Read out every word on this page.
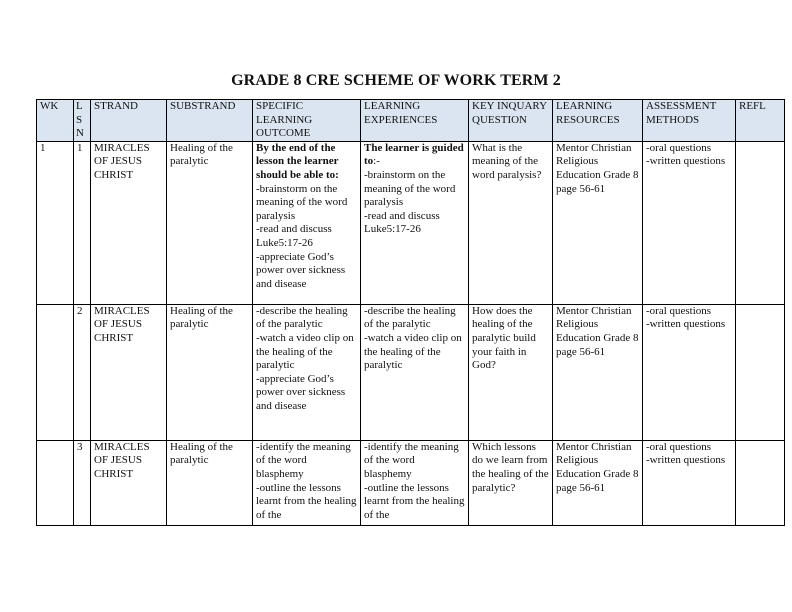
GRADE 8 CRE SCHEME OF WORK TERM 2
WK	LSN	STRAND	SUBSTRAND	SPECIFIC LEARNING OUTCOME	LEARNING EXPERIENCES	KEY INQUARY QUESTION	LEARNING RESOURCES	ASSESSMENT METHODS	REFL
1	1	MIRACLES OF JESUS CHRIST	Healing of the paralytic	By the end of the lesson the learner should be able to:
-brainstorm on the meaning of the word paralysis
-read and discuss Luke5:17-26
-appreciate God’s power over sickness and disease	The learner is guided to:-
-brainstorm on the meaning of the word paralysis
-read and discuss Luke5:17-26	What is the meaning of the word paralysis?	Mentor Christian Religious Education Grade 8 page 56-61	-oral questions
-written questions	

	2	MIRACLES OF JESUS CHRIST	Healing of the paralytic	-describe the healing of the paralytic
-watch a video clip on the healing of the paralytic
-appreciate God’s power over sickness and disease	-describe the healing of the paralytic
-watch a video clip on the healing of the paralytic	How does the healing of the paralytic build your faith in God?	Mentor Christian Religious Education Grade 8 page 56-61	-oral questions
-written questions	

	3	MIRACLES OF JESUS CHRIST	Healing of the paralytic	-identify the meaning of the word blasphemy
-outline the lessons learnt from the healing of the	-identify the meaning of the word blasphemy
-outline the lessons learnt from the healing of the	Which lessons do we learn from the healing of the paralytic?	Mentor Christian Religious Education Grade 8 page 56-61	-oral questions
-written questions	
